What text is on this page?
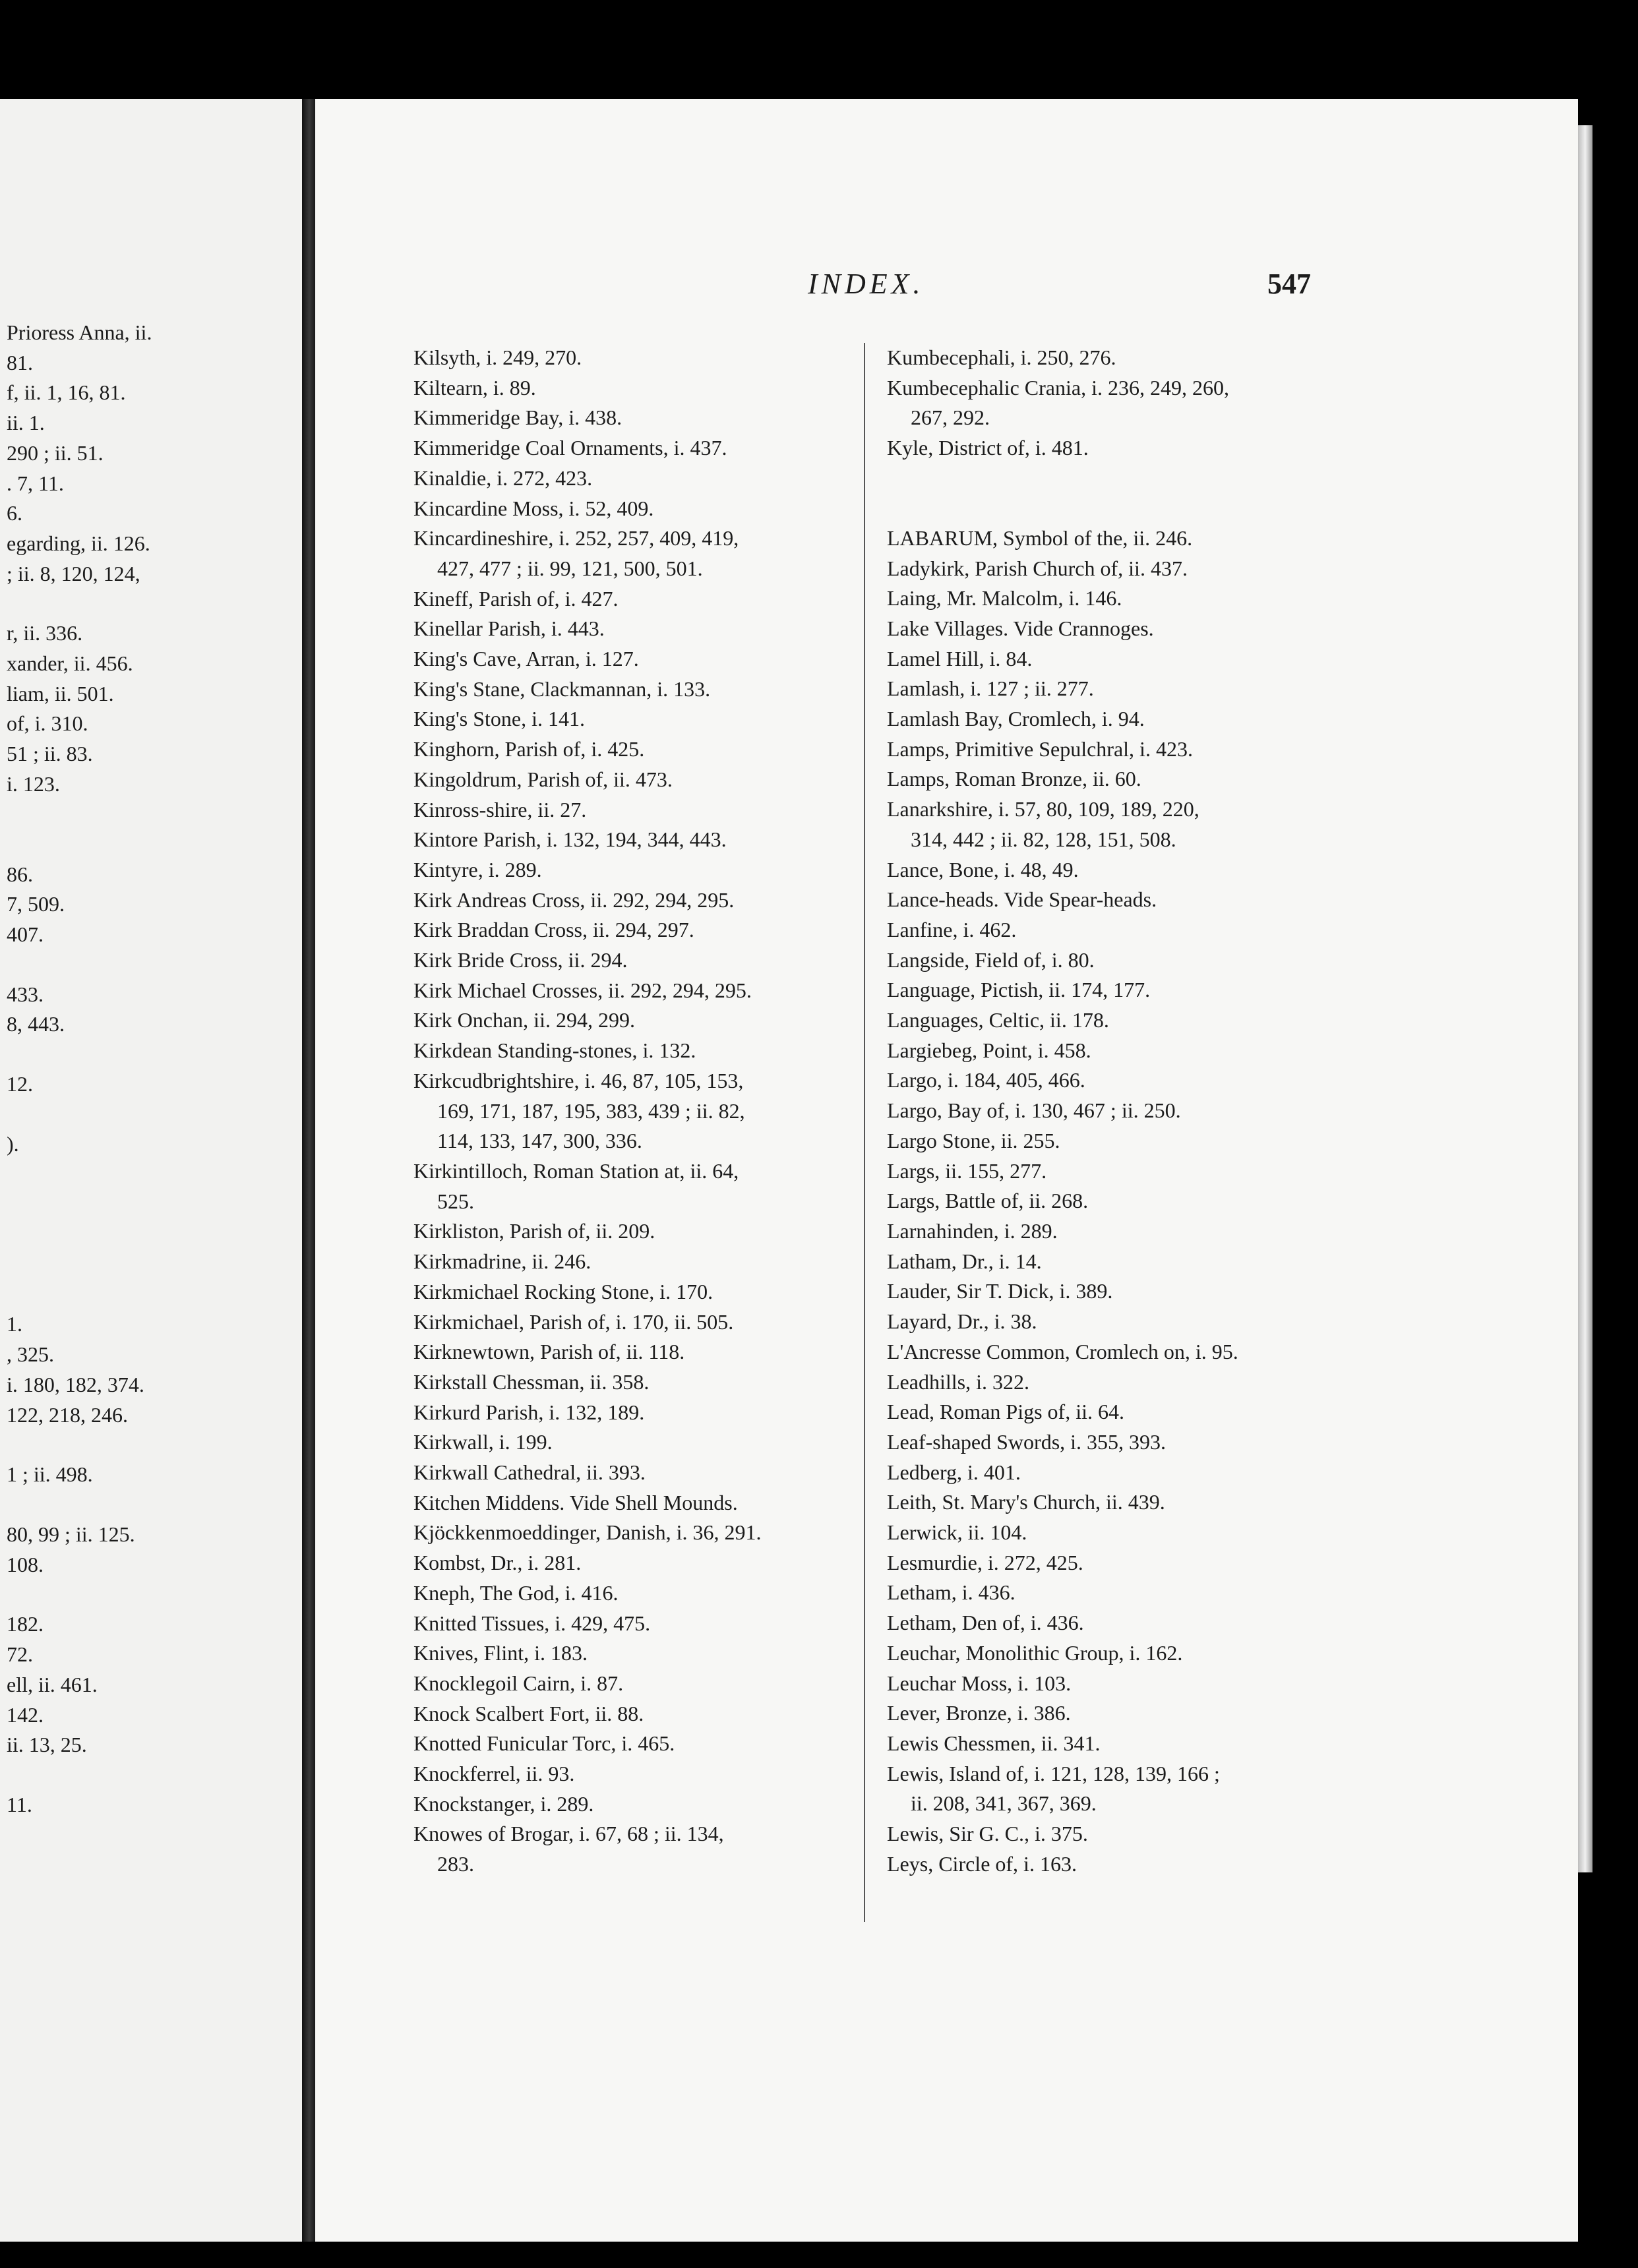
Prioress Anna, ii.
81.
f, ii. 1, 16, 81.
ii. 1.
290 ; ii. 51.
. 7, 11.
6.
egarding, ii. 126.
; ii. 8, 120, 124,
r, ii. 336.
xander, ii. 456.
liam, ii. 501.
of, i. 310.
51 ; ii. 83.
i. 123.
86.
7, 509.
407.
433.
8, 443.
12.
).
1.
, 325.
i. 180, 182, 374.
122, 218, 246.
1 ; ii. 498.
80, 99 ; ii. 125.
108.
182.
72.
ell, ii. 461.
142.
ii. 13, 25.
11.
INDEX.	547
Kilsyth, i. 249, 270.
Kiltearn, i. 89.
Kimmeridge Bay, i. 438.
Kimmeridge Coal Ornaments, i. 437.
Kinaldie, i. 272, 423.
Kincardine Moss, i. 52, 409.
Kincardineshire, i. 252, 257, 409, 419,
427, 477 ; ii. 99, 121, 500, 501.
Kineff, Parish of, i. 427.
Kinellar Parish, i. 443.
King's Cave, Arran, i. 127.
King's Stane, Clackmannan, i. 133.
King's Stone, i. 141.
Kinghorn, Parish of, i. 425.
Kingoldrum, Parish of, ii. 473.
Kinross-shire, ii. 27.
Kintore Parish, i. 132, 194, 344, 443.
Kintyre, i. 289.
Kirk Andreas Cross, ii. 292, 294, 295.
Kirk Braddan Cross, ii. 294, 297.
Kirk Bride Cross, ii. 294.
Kirk Michael Crosses, ii. 292, 294, 295.
Kirk Onchan, ii. 294, 299.
Kirkdean Standing-stones, i. 132.
Kirkcudbrightshire, i. 46, 87, 105, 153,
169, 171, 187, 195, 383, 439 ; ii. 82,
114, 133, 147, 300, 336.
Kirkintilloch, Roman Station at, ii. 64,
525.
Kirkliston, Parish of, ii. 209.
Kirkmadrine, ii. 246.
Kirkmichael Rocking Stone, i. 170.
Kirkmichael, Parish of, i. 170, ii. 505.
Kirknewtown, Parish of, ii. 118.
Kirkstall Chessman, ii. 358.
Kirkurd Parish, i. 132, 189.
Kirkwall, i. 199.
Kirkwall Cathedral, ii. 393.
Kitchen Middens. Vide Shell Mounds.
Kjöckkenmoeddinger, Danish, i. 36, 291.
Kombst, Dr., i. 281.
Kneph, The God, i. 416.
Knitted Tissues, i. 429, 475.
Knives, Flint, i. 183.
Knocklegoil Cairn, i. 87.
Knock Scalbert Fort, ii. 88.
Knotted Funicular Torc, i. 465.
Knockferrel, ii. 93.
Knockstanger, i. 289.
Knowes of Brogar, i. 67, 68 ; ii. 134,
283.
Kumbecephali, i. 250, 276.
Kumbecephalic Crania, i. 236, 249, 260,
267, 292.
Kyle, District of, i. 481.
LABARUM, Symbol of the, ii. 246.
Ladykirk, Parish Church of, ii. 437.
Laing, Mr. Malcolm, i. 146.
Lake Villages. Vide Crannoges.
Lamel Hill, i. 84.
Lamlash, i. 127 ; ii. 277.
Lamlash Bay, Cromlech, i. 94.
Lamps, Primitive Sepulchral, i. 423.
Lamps, Roman Bronze, ii. 60.
Lanarkshire, i. 57, 80, 109, 189, 220,
314, 442 ; ii. 82, 128, 151, 508.
Lance, Bone, i. 48, 49.
Lance-heads. Vide Spear-heads.
Lanfine, i. 462.
Langside, Field of, i. 80.
Language, Pictish, ii. 174, 177.
Languages, Celtic, ii. 178.
Largiebeg, Point, i. 458.
Largo, i. 184, 405, 466.
Largo, Bay of, i. 130, 467 ; ii. 250.
Largo Stone, ii. 255.
Largs, ii. 155, 277.
Largs, Battle of, ii. 268.
Larnahinden, i. 289.
Latham, Dr., i. 14.
Lauder, Sir T. Dick, i. 389.
Layard, Dr., i. 38.
L'Ancresse Common, Cromlech on, i. 95.
Leadhills, i. 322.
Lead, Roman Pigs of, ii. 64.
Leaf-shaped Swords, i. 355, 393.
Ledberg, i. 401.
Leith, St. Mary's Church, ii. 439.
Lerwick, ii. 104.
Lesmurdie, i. 272, 425.
Letham, i. 436.
Letham, Den of, i. 436.
Leuchar, Monolithic Group, i. 162.
Leuchar Moss, i. 103.
Lever, Bronze, i. 386.
Lewis Chessmen, ii. 341.
Lewis, Island of, i. 121, 128, 139, 166 ;
ii. 208, 341, 367, 369.
Lewis, Sir G. C., i. 375.
Leys, Circle of, i. 163.
